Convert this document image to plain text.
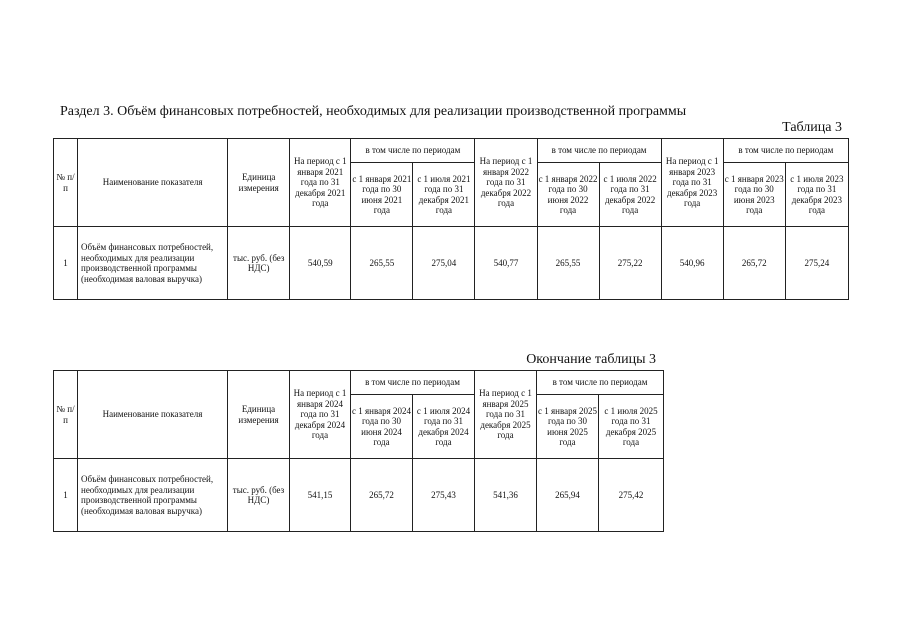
Раздел 3. Объём финансовых потребностей, необходимых для реализации производственной программы
Таблица 3
№ п/п	Наименование показателя	Единица измерения	На период с 1 января 2021 года по 31 декабря 2021 года	в том числе по периодам		На период с 1 января 2022 года по 31 декабря 2022 года	в том числе по периодам		На период с 1 января 2023 года по 31 декабря 2023 года	в том числе по периодам	
				с 1 января 2021 года по 30 июня 2021 года	с 1 июля 2021 года по 31 декабря 2021 года		с 1 января 2022 года по 30 июня 2022 года	с 1 июля 2022 года по 31 декабря 2022 года		с 1 января 2023 года по 30 июня 2023 года	с 1 июля 2023 года по 31 декабря 2023 года
1	Объём финансовых потребностей, необходимых для реализации производственной программы (необходимая валовая выручка)	тыс. руб. (без НДС)	540,59	265,55	275,04	540,77	265,55	275,22	540,96	265,72	275,24
Окончание таблицы 3
№ п/п	Наименование показателя	Единица измерения	На период с 1 января 2024 года по 31 декабря 2024 года	в том числе по периодам		На период с 1 января 2025 года по 31 декабря 2025 года	в том числе по периодам	
				с 1 января 2024 года по 30 июня 2024 года	с 1 июля 2024 года по 31 декабря 2024 года		с 1 января 2025 года по 30 июня 2025 года	с 1 июля 2025 года по 31 декабря 2025 года
1	Объём финансовых потребностей, необходимых для реализации производственной программы (необходимая валовая выручка)	тыс. руб. (без НДС)	541,15	265,72	275,43	541,36	265,94	275,42
